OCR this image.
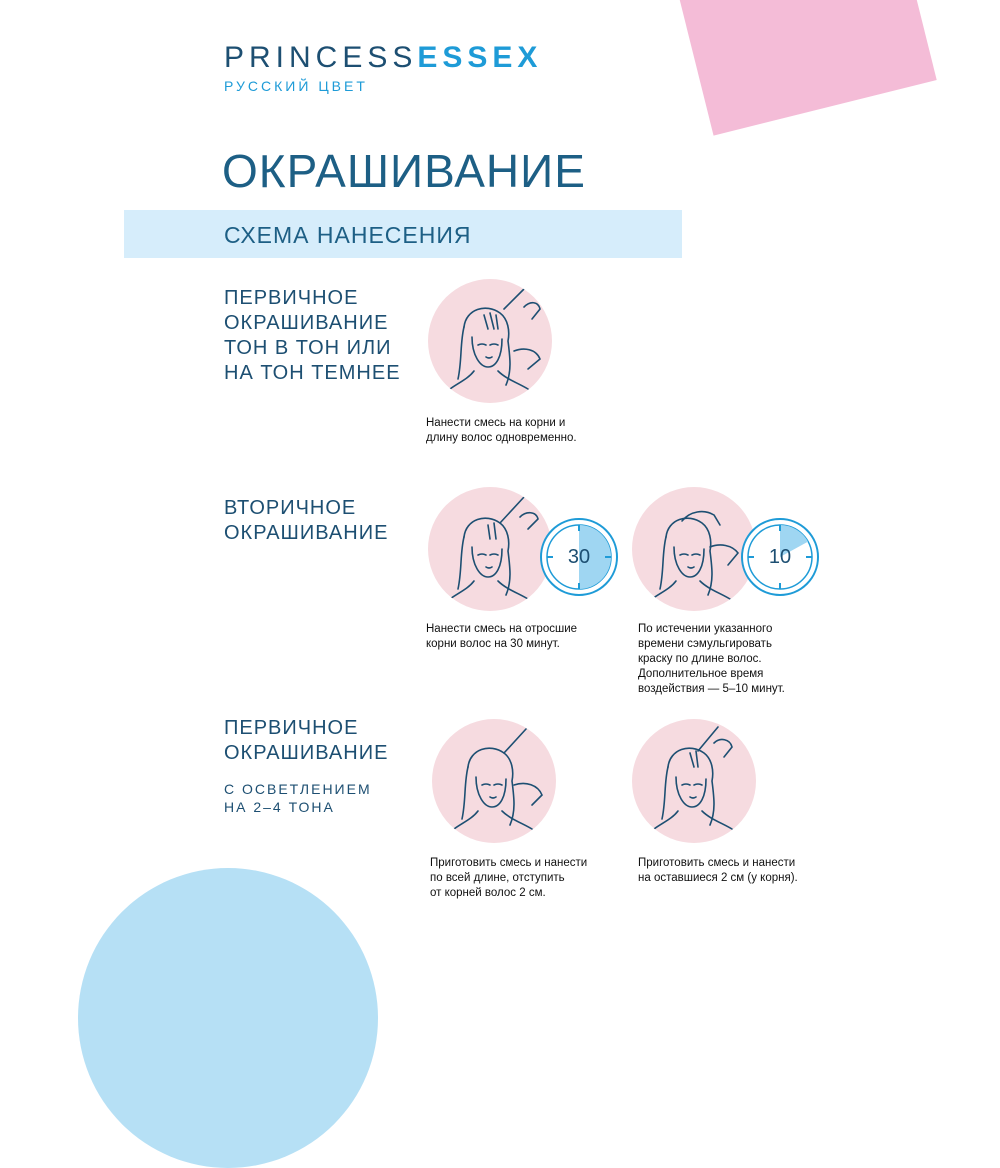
PRINCESSESSEX
РУССКИЙ ЦВЕТ
ОКРАШИВАНИЕ
СХЕМА НАНЕСЕНИЯ
ПЕРВИЧНОЕ
ОКРАШИВАНИЕ
ТОН В ТОН ИЛИ
НА ТОН ТЕМНЕЕ
Нанести смесь на корни и
длину волос одновременно.
ВТОРИЧНОЕ
ОКРАШИВАНИЕ
30
Нанести смесь на отросшие
корни волос на 30 минут.
10
По истечении указанного
времени сэмульгировать
краску по длине волос.
Дополнительное время
воздействия — 5–10 минут.
ПЕРВИЧНОЕ
ОКРАШИВАНИЕ
С ОСВЕТЛЕНИЕМ
НА 2–4 ТОНА
Приготовить смесь и нанести
по всей длине, отступить
от корней волос 2 см.
Приготовить смесь и нанести
на оставшиеся 2 см (у корня).
